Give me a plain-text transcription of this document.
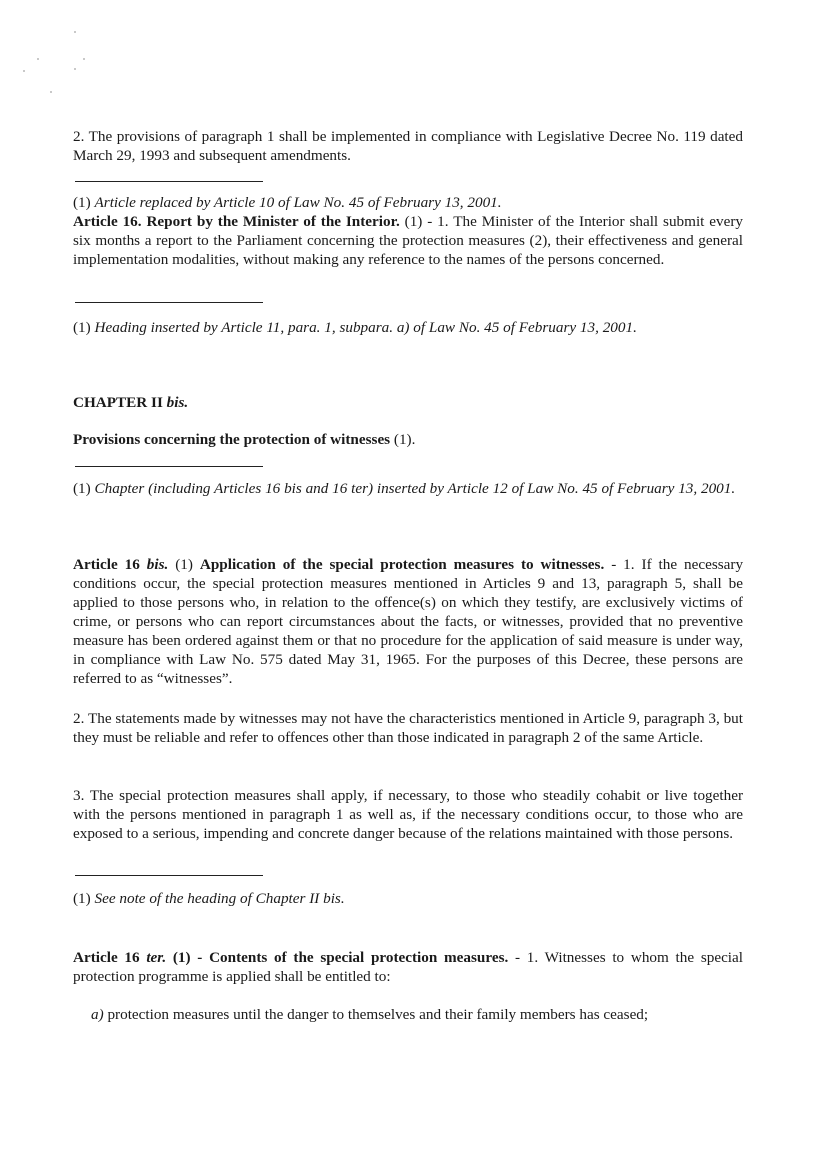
2. The provisions of paragraph 1 shall be implemented in compliance with Legislative Decree No. 119 dated March 29, 1993 and subsequent amendments.

(1) Article replaced by Article 10 of Law No. 45 of February 13, 2001.

Article 16. Report by the Minister of the Interior. (1) - 1. The Minister of the Interior shall submit every six months a report to the Parliament concerning the protection measures (2), their effectiveness and general implementation modalities, without making any reference to the names of the persons concerned.

(1) Heading inserted by Article 11, para. 1, subpara. a) of Law No. 45 of February 13, 2001.

CHAPTER II bis.

Provisions concerning the protection of witnesses (1).

(1) Chapter (including Articles 16 bis and 16 ter) inserted by Article 12 of Law No. 45 of February 13, 2001.

Article 16 bis. (1) Application of the special protection measures to witnesses. - 1. If the necessary conditions occur, the special protection measures mentioned in Articles 9 and 13, paragraph 5, shall be applied to those persons who, in relation to the offence(s) on which they testify, are exclusively victims of crime, or persons who can report circumstances about the facts, or witnesses, provided that no preventive measure has been ordered against them or that no procedure for the application of said measure is under way, in compliance with Law No. 575 dated May 31, 1965. For the purposes of this Decree, these persons are referred to as “witnesses”.

2. The statements made by witnesses may not have the characteristics mentioned in Article 9, paragraph 3, but they must be reliable and refer to offences other than those indicated in paragraph 2 of the same Article.

3. The special protection measures shall apply, if necessary, to those who steadily cohabit or live together with the persons mentioned in paragraph 1 as well as, if the necessary conditions occur, to those who are exposed to a serious, impending and concrete danger because of the relations maintained with those persons.

(1) See note of the heading of Chapter II bis.

Article 16 ter. (1) - Contents of the special protection measures. - 1. Witnesses to whom the special protection programme is applied shall be entitled to:

a) protection measures until the danger to themselves and their family members has ceased;
